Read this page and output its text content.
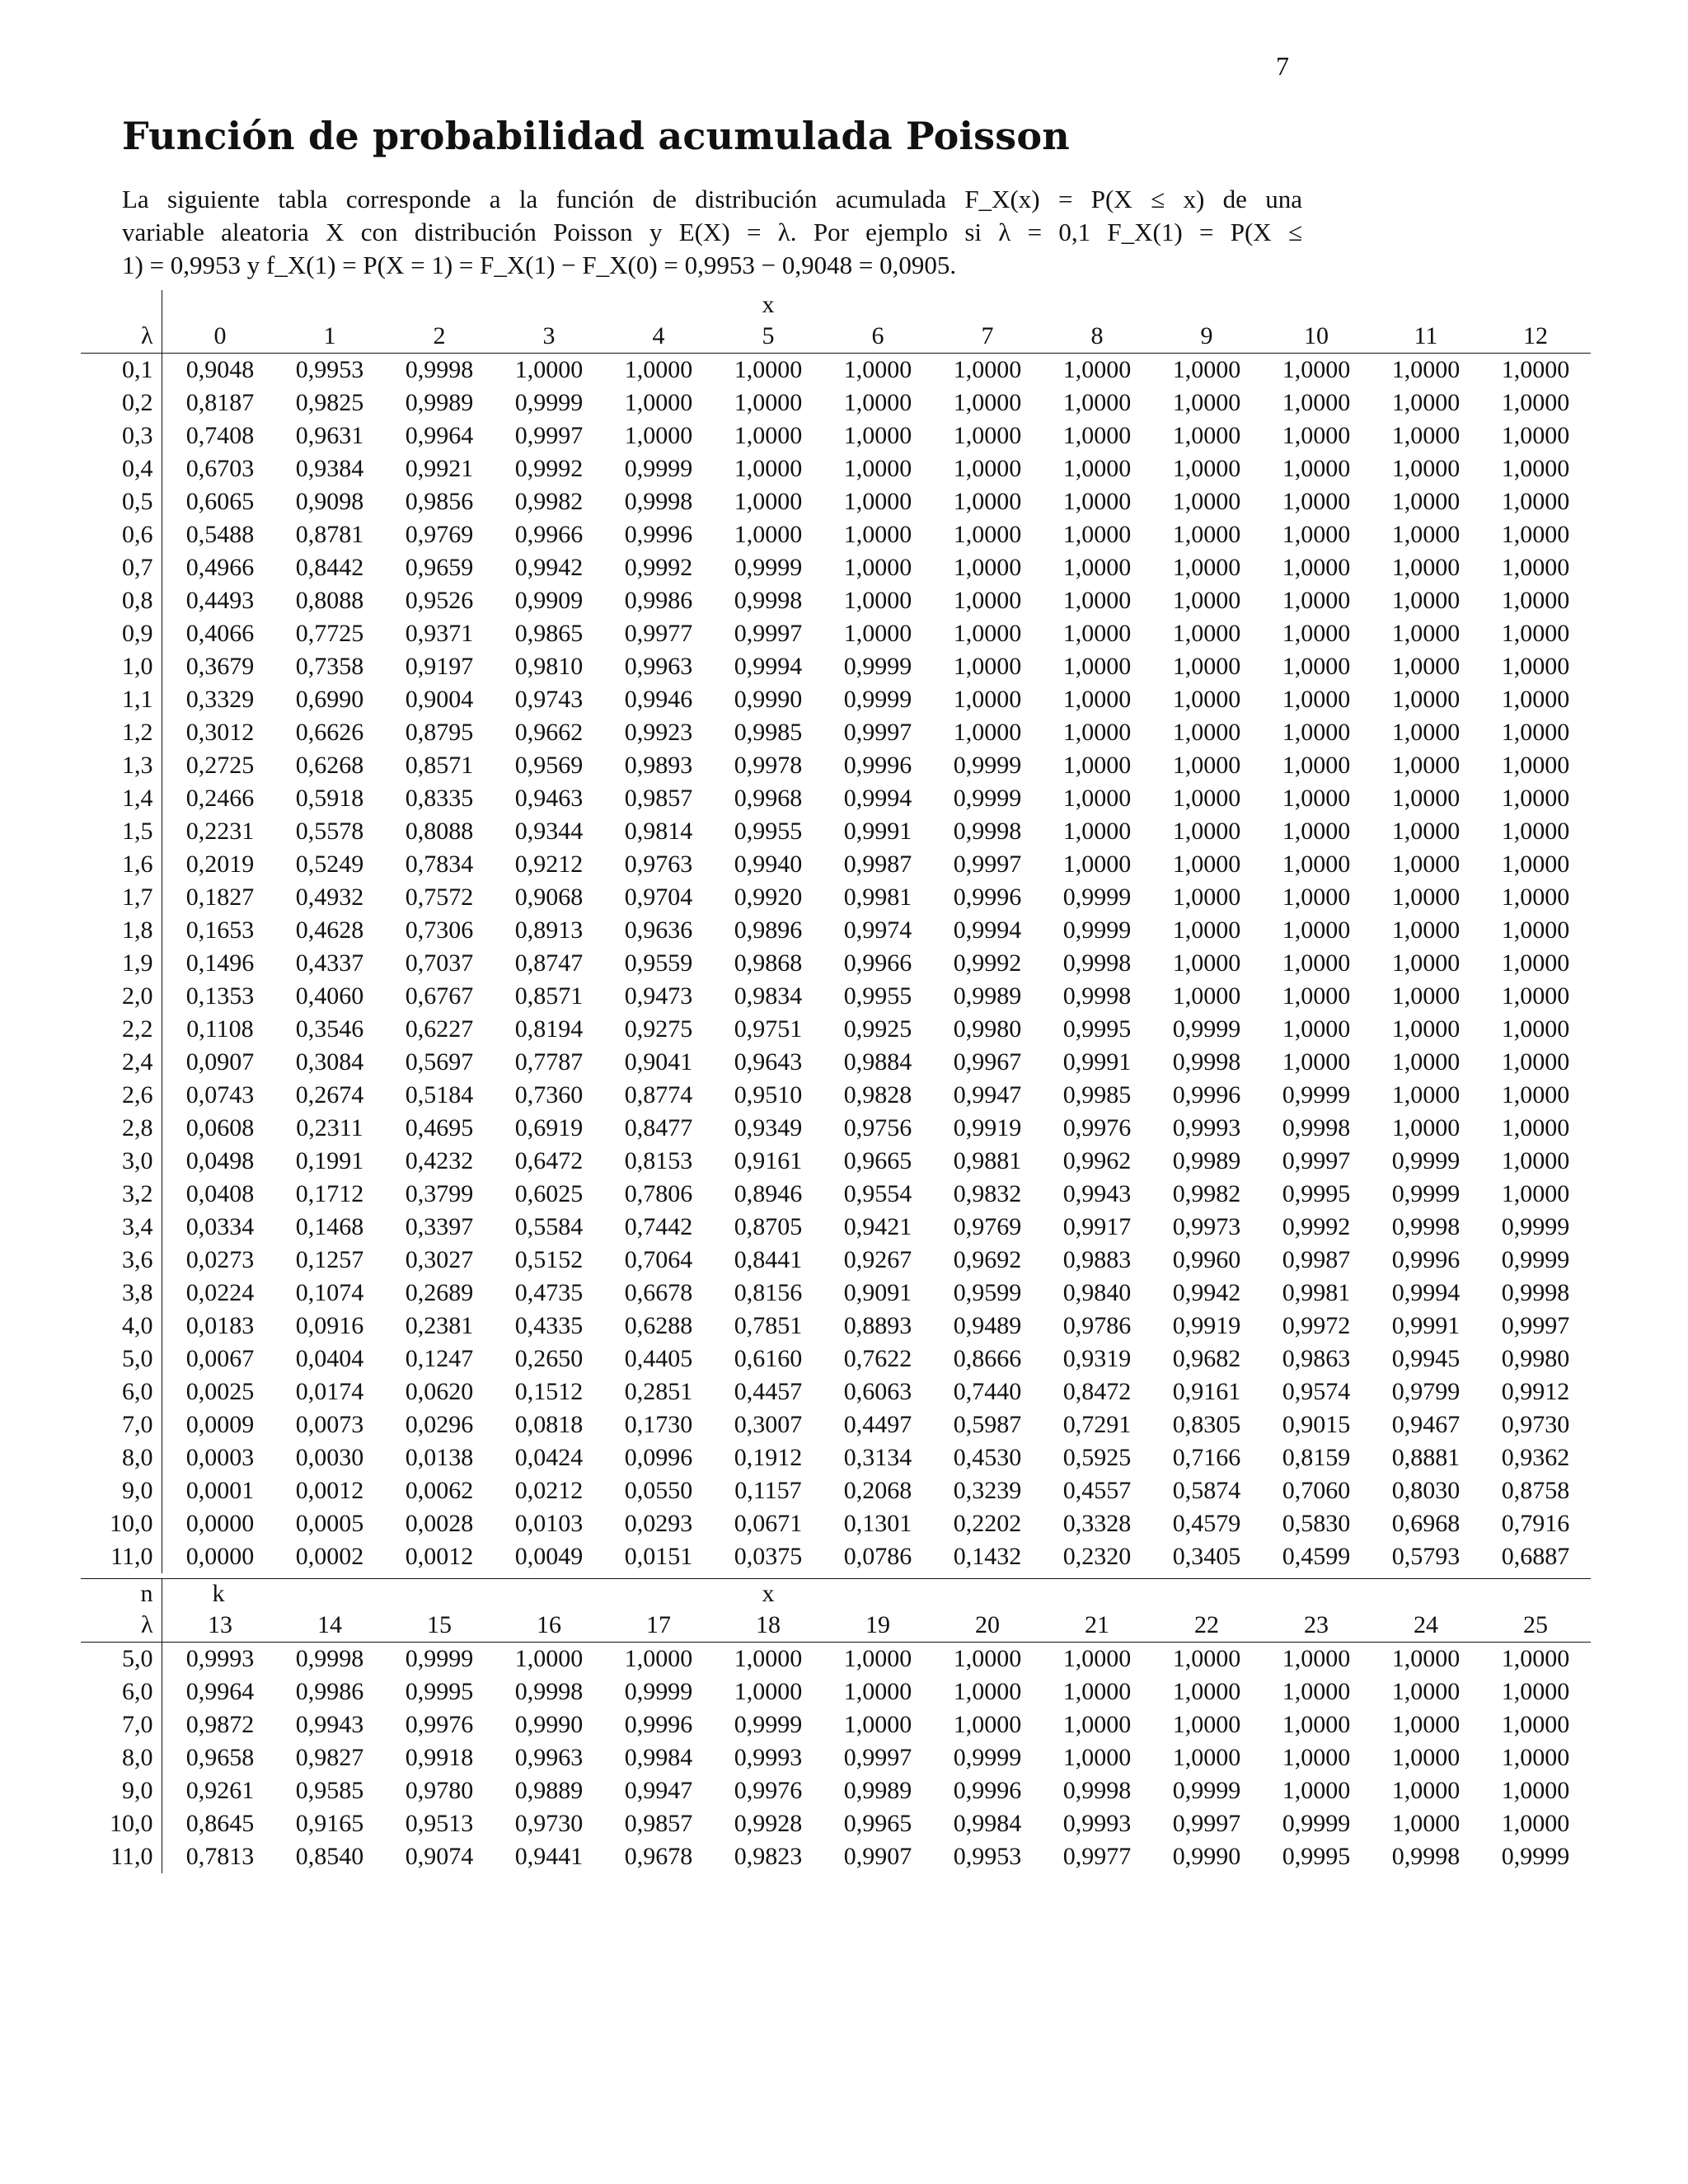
7
Función de probabilidad acumulada Poisson
La siguiente tabla corresponde a la función de distribución acumulada F_X(x) = P(X ≤ x) de una
variable aleatoria X con distribución Poisson y E(X) = λ. Por ejemplo si λ = 0,1 F_X(1) = P(X ≤
1) = 0,9953 y f_X(1) = P(X = 1) = F_X(1) − F_X(0) = 0,9953 − 0,9048 = 0,0905.
						x							
λ	0	1	2	3	4	5	6	7	8	9	10	11	12
0,1	0,9048	0,9953	0,9998	1,0000	1,0000	1,0000	1,0000	1,0000	1,0000	1,0000	1,0000	1,0000	1,0000
0,2	0,8187	0,9825	0,9989	0,9999	1,0000	1,0000	1,0000	1,0000	1,0000	1,0000	1,0000	1,0000	1,0000
0,3	0,7408	0,9631	0,9964	0,9997	1,0000	1,0000	1,0000	1,0000	1,0000	1,0000	1,0000	1,0000	1,0000
0,4	0,6703	0,9384	0,9921	0,9992	0,9999	1,0000	1,0000	1,0000	1,0000	1,0000	1,0000	1,0000	1,0000
0,5	0,6065	0,9098	0,9856	0,9982	0,9998	1,0000	1,0000	1,0000	1,0000	1,0000	1,0000	1,0000	1,0000
0,6	0,5488	0,8781	0,9769	0,9966	0,9996	1,0000	1,0000	1,0000	1,0000	1,0000	1,0000	1,0000	1,0000
0,7	0,4966	0,8442	0,9659	0,9942	0,9992	0,9999	1,0000	1,0000	1,0000	1,0000	1,0000	1,0000	1,0000
0,8	0,4493	0,8088	0,9526	0,9909	0,9986	0,9998	1,0000	1,0000	1,0000	1,0000	1,0000	1,0000	1,0000
0,9	0,4066	0,7725	0,9371	0,9865	0,9977	0,9997	1,0000	1,0000	1,0000	1,0000	1,0000	1,0000	1,0000
1,0	0,3679	0,7358	0,9197	0,9810	0,9963	0,9994	0,9999	1,0000	1,0000	1,0000	1,0000	1,0000	1,0000
1,1	0,3329	0,6990	0,9004	0,9743	0,9946	0,9990	0,9999	1,0000	1,0000	1,0000	1,0000	1,0000	1,0000
1,2	0,3012	0,6626	0,8795	0,9662	0,9923	0,9985	0,9997	1,0000	1,0000	1,0000	1,0000	1,0000	1,0000
1,3	0,2725	0,6268	0,8571	0,9569	0,9893	0,9978	0,9996	0,9999	1,0000	1,0000	1,0000	1,0000	1,0000
1,4	0,2466	0,5918	0,8335	0,9463	0,9857	0,9968	0,9994	0,9999	1,0000	1,0000	1,0000	1,0000	1,0000
1,5	0,2231	0,5578	0,8088	0,9344	0,9814	0,9955	0,9991	0,9998	1,0000	1,0000	1,0000	1,0000	1,0000
1,6	0,2019	0,5249	0,7834	0,9212	0,9763	0,9940	0,9987	0,9997	1,0000	1,0000	1,0000	1,0000	1,0000
1,7	0,1827	0,4932	0,7572	0,9068	0,9704	0,9920	0,9981	0,9996	0,9999	1,0000	1,0000	1,0000	1,0000
1,8	0,1653	0,4628	0,7306	0,8913	0,9636	0,9896	0,9974	0,9994	0,9999	1,0000	1,0000	1,0000	1,0000
1,9	0,1496	0,4337	0,7037	0,8747	0,9559	0,9868	0,9966	0,9992	0,9998	1,0000	1,0000	1,0000	1,0000
2,0	0,1353	0,4060	0,6767	0,8571	0,9473	0,9834	0,9955	0,9989	0,9998	1,0000	1,0000	1,0000	1,0000
2,2	0,1108	0,3546	0,6227	0,8194	0,9275	0,9751	0,9925	0,9980	0,9995	0,9999	1,0000	1,0000	1,0000
2,4	0,0907	0,3084	0,5697	0,7787	0,9041	0,9643	0,9884	0,9967	0,9991	0,9998	1,0000	1,0000	1,0000
2,6	0,0743	0,2674	0,5184	0,7360	0,8774	0,9510	0,9828	0,9947	0,9985	0,9996	0,9999	1,0000	1,0000
2,8	0,0608	0,2311	0,4695	0,6919	0,8477	0,9349	0,9756	0,9919	0,9976	0,9993	0,9998	1,0000	1,0000
3,0	0,0498	0,1991	0,4232	0,6472	0,8153	0,9161	0,9665	0,9881	0,9962	0,9989	0,9997	0,9999	1,0000
3,2	0,0408	0,1712	0,3799	0,6025	0,7806	0,8946	0,9554	0,9832	0,9943	0,9982	0,9995	0,9999	1,0000
3,4	0,0334	0,1468	0,3397	0,5584	0,7442	0,8705	0,9421	0,9769	0,9917	0,9973	0,9992	0,9998	0,9999
3,6	0,0273	0,1257	0,3027	0,5152	0,7064	0,8441	0,9267	0,9692	0,9883	0,9960	0,9987	0,9996	0,9999
3,8	0,0224	0,1074	0,2689	0,4735	0,6678	0,8156	0,9091	0,9599	0,9840	0,9942	0,9981	0,9994	0,9998
4,0	0,0183	0,0916	0,2381	0,4335	0,6288	0,7851	0,8893	0,9489	0,9786	0,9919	0,9972	0,9991	0,9997
5,0	0,0067	0,0404	0,1247	0,2650	0,4405	0,6160	0,7622	0,8666	0,9319	0,9682	0,9863	0,9945	0,9980
6,0	0,0025	0,0174	0,0620	0,1512	0,2851	0,4457	0,6063	0,7440	0,8472	0,9161	0,9574	0,9799	0,9912
7,0	0,0009	0,0073	0,0296	0,0818	0,1730	0,3007	0,4497	0,5987	0,7291	0,8305	0,9015	0,9467	0,9730
8,0	0,0003	0,0030	0,0138	0,0424	0,0996	0,1912	0,3134	0,4530	0,5925	0,7166	0,8159	0,8881	0,9362
9,0	0,0001	0,0012	0,0062	0,0212	0,0550	0,1157	0,2068	0,3239	0,4557	0,5874	0,7060	0,8030	0,8758
10,0	0,0000	0,0005	0,0028	0,0103	0,0293	0,0671	0,1301	0,2202	0,3328	0,4579	0,5830	0,6968	0,7916
11,0	0,0000	0,0002	0,0012	0,0049	0,0151	0,0375	0,0786	0,1432	0,2320	0,3405	0,4599	0,5793	0,6887
n	k					x							
λ	13	14	15	16	17	18	19	20	21	22	23	24	25
5,0	0,9993	0,9998	0,9999	1,0000	1,0000	1,0000	1,0000	1,0000	1,0000	1,0000	1,0000	1,0000	1,0000
6,0	0,9964	0,9986	0,9995	0,9998	0,9999	1,0000	1,0000	1,0000	1,0000	1,0000	1,0000	1,0000	1,0000
7,0	0,9872	0,9943	0,9976	0,9990	0,9996	0,9999	1,0000	1,0000	1,0000	1,0000	1,0000	1,0000	1,0000
8,0	0,9658	0,9827	0,9918	0,9963	0,9984	0,9993	0,9997	0,9999	1,0000	1,0000	1,0000	1,0000	1,0000
9,0	0,9261	0,9585	0,9780	0,9889	0,9947	0,9976	0,9989	0,9996	0,9998	0,9999	1,0000	1,0000	1,0000
10,0	0,8645	0,9165	0,9513	0,9730	0,9857	0,9928	0,9965	0,9984	0,9993	0,9997	0,9999	1,0000	1,0000
11,0	0,7813	0,8540	0,9074	0,9441	0,9678	0,9823	0,9907	0,9953	0,9977	0,9990	0,9995	0,9998	0,9999
